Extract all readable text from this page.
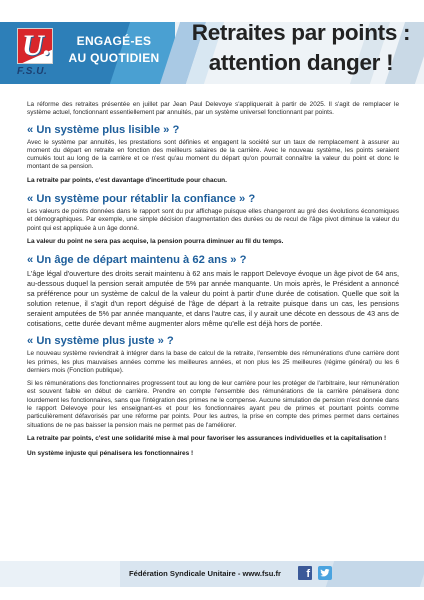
U.
F.S.U.
ENGAGÉ-ES
AU QUOTIDIEN
Retraites par points :
attention danger !

La réforme des retraites présentée en juillet par Jean Paul Delevoye s'appliquerait à partir de 2025. Il s'agit de remplacer le système actuel, fonctionnant essentiellement par annuités, par un système universel fonctionnant par points.

« Un système plus lisible » ?

Avec le système par annuités, les prestations sont définies et engagent la société sur un taux de remplacement à assurer au moment du départ en retraite en fonction des meilleurs salaires de la carrière. Avec le nouveau système, les points seraient cumulés tout au long de la carrière et ce n'est qu'au moment du départ qu'on pourrait connaître la valeur du point et donc le montant de sa pension.

La retraite par points, c'est davantage d'incertitude pour chacun.

« Un système pour rétablir la confiance » ?

Les valeurs de points données dans le rapport sont du pur affichage puisque elles changeront au gré des évolutions économiques et démographiques. Par exemple, une simple décision d'augmentation des durées ou de recul de l'âge pivot diminue la valeur du point qui est appliquée à un âge donné.

La valeur du point ne sera pas acquise, la pension pourra diminuer au fil du temps.

« Un âge de départ maintenu à 62 ans » ?

L'âge légal d'ouverture des droits serait maintenu à 62 ans mais le rapport Delevoye évoque un âge pivot de 64 ans, au-dessous duquel la pension serait amputée de 5% par année manquante. Un mois après, le Président a annoncé sa préférence pour un système de calcul de la valeur du point à partir d'une durée de cotisation. Quelle que soit la solution retenue, il s'agit d'un report déguisé de l'âge de départ à la retraite puisque dans un cas, les pensions seraient amputées de 5% par année manquante, et dans l'autre cas, il y aurait une décote en dessous de 43 ans de cotisations, cette durée devant même augmenter alors même qu'elle est déjà hors de portée.

« Un système plus juste » ?

Le nouveau système reviendrait à intégrer dans la base de calcul de la retraite, l'ensemble des rémunérations d'une carrière dont les primes, les plus mauvaises années comme les meilleures années, et non plus les 25 meilleures (régime général) ou les 6 derniers mois (Fonction publique).

Si les rémunérations des fonctionnaires progressent tout au long de leur carrière pour les protéger de l'arbitraire, leur rémunération est souvent faible en début de carrière. Prendre en compte l'ensemble des rémunérations de la carrière pénalisera donc lourdement les fonctionnaires, sans que l'intégration des primes ne le compense. Aucune simulation de pension n'est donnée dans le rapport Delevoye pour les enseignant-es et pour les fonctionnaires ayant peu de primes et pourtant points comme particulièrement défavorisés par une réforme par points. Pour les autres, la prise en compte des primes permet dans certaines situations de ne pas baisser la pension mais ne permet pas de l'améliorer.

La retraite par points, c'est une solidarité mise à mal pour favoriser les assurances individuelles et la capitalisation !

Un système injuste qui pénalisera les fonctionnaires !

Fédération Syndicale Unitaire - www.fsu.fr	f
